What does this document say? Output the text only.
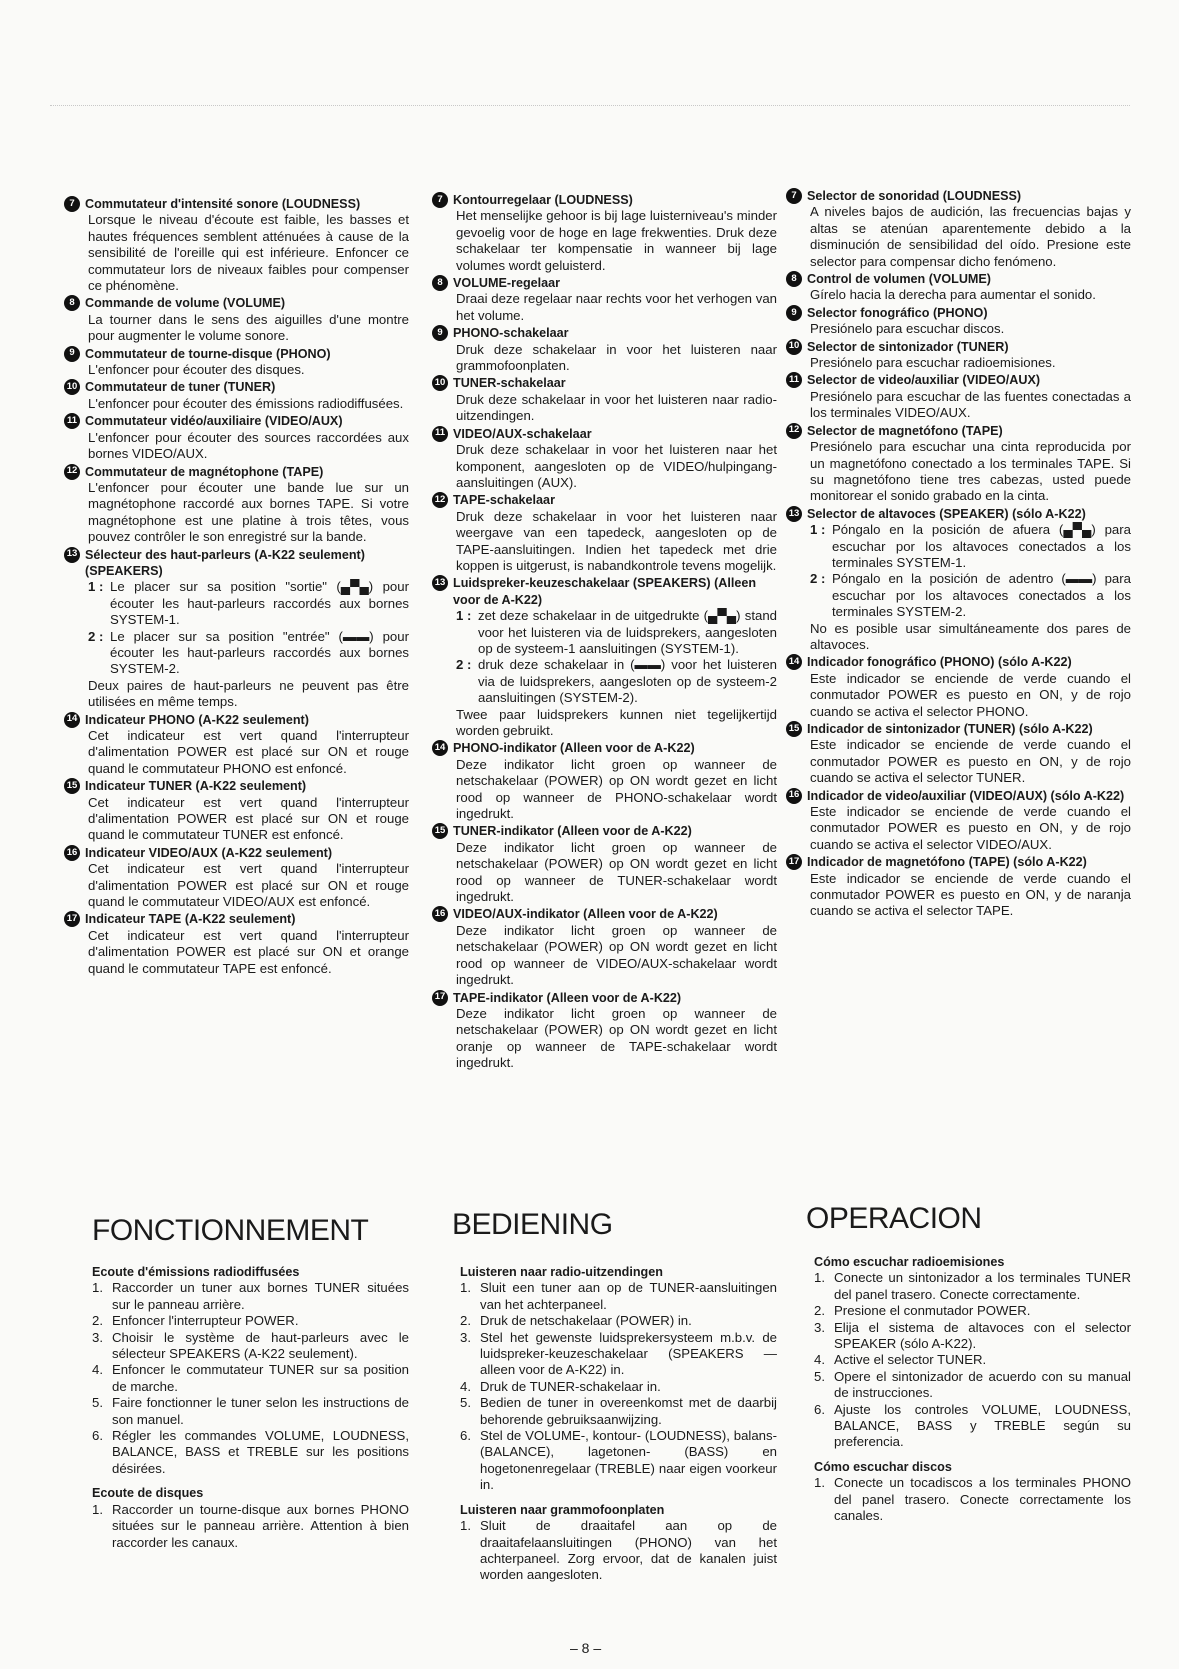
7 Commutateur d'intensité sonore (LOUDNESS)
Lorsque le niveau d'écoute est faible, les basses et hautes fréquences semblent atténuées à cause de la sensibilité de l'oreille qui est inférieure. Enfoncer ce commutateur lors de niveaux faibles pour compenser ce phénomène.
8 Commande de volume (VOLUME)
La tourner dans le sens des aiguilles d'une montre pour augmenter le volume sonore.
9 Commutateur de tourne-disque (PHONO)
L'enfoncer pour écouter des disques.
10 Commutateur de tuner (TUNER)
L'enfoncer pour écouter des émissions radiodiffusées.
11 Commutateur vidéo/auxiliaire (VIDEO/AUX)
L'enfoncer pour écouter des sources raccordées aux bornes VIDEO/AUX.
12 Commutateur de magnétophone (TAPE)
L'enfoncer pour écouter une bande lue sur un magnétophone raccordé aux bornes TAPE. Si votre magnétophone est une platine à trois têtes, vous pouvez contrôler le son enregistré sur la bande.
13 Sélecteur des haut-parleurs (A-K22 seulement) (SPEAKERS)
1 : Le placer sur sa position "sortie" (▄▀▄) pour écouter les haut-parleurs raccordés aux bornes SYSTEM-1.
2 : Le placer sur sa position "entrée" (▬▬) pour écouter les haut-parleurs raccordés aux bornes SYSTEM-2.
Deux paires de haut-parleurs ne peuvent pas être utilisées en même temps.
14 Indicateur PHONO (A-K22 seulement)
Cet indicateur est vert quand l'interrupteur d'alimentation POWER est placé sur ON et rouge quand le commutateur PHONO est enfoncé.
15 Indicateur TUNER (A-K22 seulement)
Cet indicateur est vert quand l'interrupteur d'alimentation POWER est placé sur ON et rouge quand le commutateur TUNER est enfoncé.
16 Indicateur VIDEO/AUX (A-K22 seulement)
Cet indicateur est vert quand l'interrupteur d'alimentation POWER est placé sur ON et rouge quand le commutateur VIDEO/AUX est enfoncé.
17 Indicateur TAPE (A-K22 seulement)
Cet indicateur est vert quand l'interrupteur d'alimentation POWER est placé sur ON et orange quand le commutateur TAPE est enfoncé.
7 Kontourregelaar (LOUDNESS)
Het menselijke gehoor is bij lage luisterniveau's minder gevoelig voor de hoge en lage frekwenties. Druk deze schakelaar ter kompensatie in wanneer bij lage volumes wordt geluisterd.
8 VOLUME-regelaar
Draai deze regelaar naar rechts voor het verhogen van het volume.
9 PHONO-schakelaar
Druk deze schakelaar in voor het luisteren naar grammofoonplaten.
10 TUNER-schakelaar
Druk deze schakelaar in voor het luisteren naar radio-uitzendingen.
11 VIDEO/AUX-schakelaar
Druk deze schakelaar in voor het luisteren naar het komponent, aangesloten op de VIDEO/hulpingang-aansluitingen (AUX).
12 TAPE-schakelaar
Druk deze schakelaar in voor het luisteren naar weergave van een tapedeck, aangesloten op de TAPE-aansluitingen. Indien het tapedeck met drie koppen is uitgerust, is nabandkontrole tevens mogelijk.
13 Luidspreker-keuzeschakelaar (SPEAKERS) (Alleen voor de A-K22)
1 : zet deze schakelaar in de uitgedrukte (▄▀▄) stand voor het luisteren via de luidsprekers, aangesloten op de systeem-1 aansluitingen (SYSTEM-1).
2 : druk deze schakelaar in (▬▬) voor het luisteren via de luidsprekers, aangesloten op de systeem-2 aansluitingen (SYSTEM-2).
Twee paar luidsprekers kunnen niet tegelijkertijd worden gebruikt.
14 PHONO-indikator (Alleen voor de A-K22)
Deze indikator licht groen op wanneer de netschakelaar (POWER) op ON wordt gezet en licht rood op wanneer de PHONO-schakelaar wordt ingedrukt.
15 TUNER-indikator (Alleen voor de A-K22)
Deze indikator licht groen op wanneer de netschakelaar (POWER) op ON wordt gezet en licht rood op wanneer de TUNER-schakelaar wordt ingedrukt.
16 VIDEO/AUX-indikator (Alleen voor de A-K22)
Deze indikator licht groen op wanneer de netschakelaar (POWER) op ON wordt gezet en licht rood op wanneer de VIDEO/AUX-schakelaar wordt ingedrukt.
17 TAPE-indikator (Alleen voor de A-K22)
Deze indikator licht groen op wanneer de netschakelaar (POWER) op ON wordt gezet en licht oranje op wanneer de TAPE-schakelaar wordt ingedrukt.
7 Selector de sonoridad (LOUDNESS)
A niveles bajos de audición, las frecuencias bajas y altas se atenúan aparentemente debido a la disminución de sensibilidad del oído. Presione este selector para compensar dicho fenómeno.
8 Control de volumen (VOLUME)
Gírelo hacia la derecha para aumentar el sonido.
9 Selector fonográfico (PHONO)
Presiónelo para escuchar discos.
10 Selector de sintonizador (TUNER)
Presiónelo para escuchar radioemisiones.
11 Selector de video/auxiliar (VIDEO/AUX)
Presiónelo para escuchar de las fuentes conectadas a los terminales VIDEO/AUX.
12 Selector de magnetófono (TAPE)
Presiónelo para escuchar una cinta reproducida por un magnetófono conectado a los terminales TAPE. Si su magnetófono tiene tres cabezas, usted puede monitorear el sonido grabado en la cinta.
13 Selector de altavoces (SPEAKER) (sólo A-K22)
1 : Póngalo en la posición de afuera (▄▀▄) para escuchar por los altavoces conectados a los terminales SYSTEM-1.
2 : Póngalo en la posición de adentro (▬▬) para escuchar por los altavoces conectados a los terminales SYSTEM-2.
No es posible usar simultáneamente dos pares de altavoces.
14 Indicador fonográfico (PHONO) (sólo A-K22)
Este indicador se enciende de verde cuando el conmutador POWER es puesto en ON, y de rojo cuando se activa el selector PHONO.
15 Indicador de sintonizador (TUNER) (sólo A-K22)
Este indicador se enciende de verde cuando el conmutador POWER es puesto en ON, y de rojo cuando se activa el selector TUNER.
16 Indicador de video/auxiliar (VIDEO/AUX) (sólo A-K22)
Este indicador se enciende de verde cuando el conmutador POWER es puesto en ON, y de rojo cuando se activa el selector VIDEO/AUX.
17 Indicador de magnetófono (TAPE) (sólo A-K22)
Este indicador se enciende de verde cuando el conmutador POWER es puesto en ON, y de naranja cuando se activa el selector TAPE.
FONCTIONNEMENT	BEDIENING	OPERACION
Ecoute d'émissions radiodiffusées
1. Raccorder un tuner aux bornes TUNER situées sur le panneau arrière.
2. Enfoncer l'interrupteur POWER.
3. Choisir le système de haut-parleurs avec le sélecteur SPEAKERS (A-K22 seulement).
4. Enfoncer le commutateur TUNER sur sa position de marche.
5. Faire fonctionner le tuner selon les instructions de son manuel.
6. Régler les commandes VOLUME, LOUDNESS, BALANCE, BASS et TREBLE sur les positions désirées.
Ecoute de disques
1. Raccorder un tourne-disque aux bornes PHONO situées sur le panneau arrière. Attention à bien raccorder les canaux.
Luisteren naar radio-uitzendingen
1. Sluit een tuner aan op de TUNER-aansluitingen van het achterpaneel.
2. Druk de netschakelaar (POWER) in.
3. Stel het gewenste luidsprekersysteem m.b.v. de luidspreker-keuzeschakelaar (SPEAKERS — alleen voor de A-K22) in.
4. Druk de TUNER-schakelaar in.
5. Bedien de tuner in overeenkomst met de daarbij behorende gebruiksaanwijzing.
6. Stel de VOLUME-, kontour- (LOUDNESS), balans- (BALANCE), lagetonen- (BASS) en hogetonenregelaar (TREBLE) naar eigen voorkeur in.
Luisteren naar grammofoonplaten
1. Sluit de draaitafel aan op de draaitafelaansluitingen (PHONO) van het achterpaneel. Zorg ervoor, dat de kanalen juist worden aangesloten.
Cómo escuchar radioemisiones
1. Conecte un sintonizador a los terminales TUNER del panel trasero. Conecte correctamente.
2. Presione el conmutador POWER.
3. Elija el sistema de altavoces con el selector SPEAKER (sólo A-K22).
4. Active el selector TUNER.
5. Opere el sintonizador de acuerdo con su manual de instrucciones.
6. Ajuste los controles VOLUME, LOUDNESS, BALANCE, BASS y TREBLE según su preferencia.
Cómo escuchar discos
1. Conecte un tocadiscos a los terminales PHONO del panel trasero. Conecte correctamente los canales.
– 8 –
